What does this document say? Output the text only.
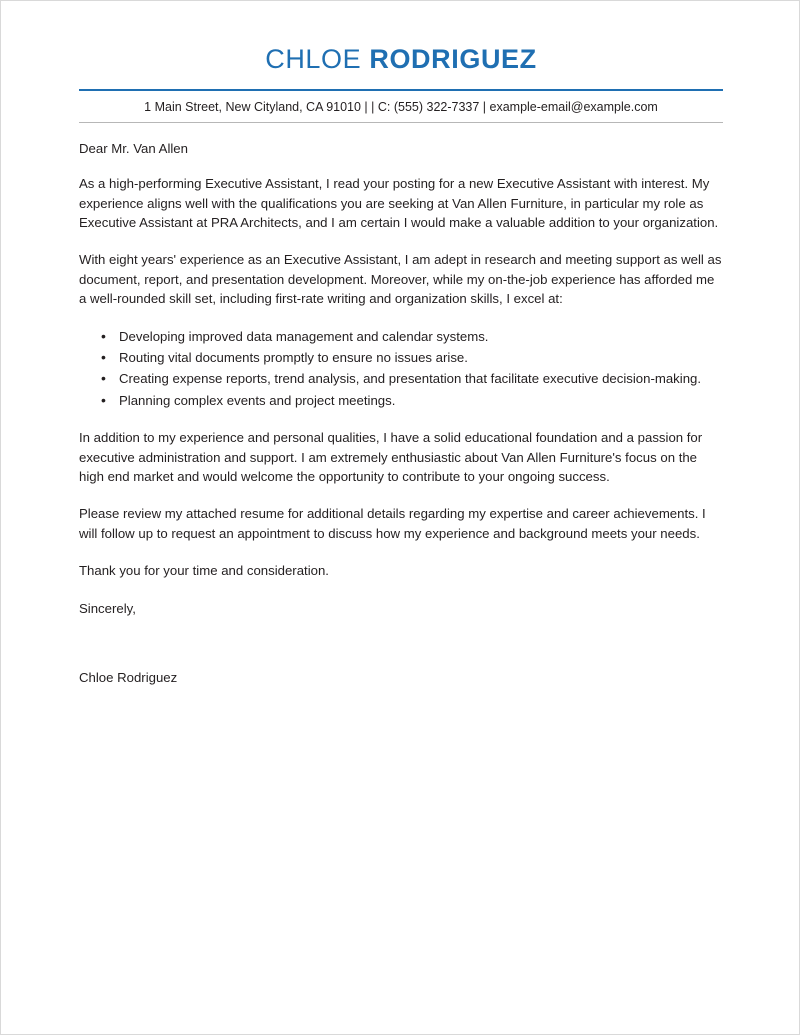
CHLOE RODRIGUEZ
1 Main Street, New Cityland, CA 91010 | | C: (555) 322-7337 | example-email@example.com

Dear Mr. Van Allen

As a high-performing Executive Assistant, I read your posting for a new Executive Assistant with interest. My experience aligns well with the qualifications you are seeking at Van Allen Furniture, in particular my role as Executive Assistant at PRA Architects, and I am certain I would make a valuable addition to your organization.

With eight years' experience as an Executive Assistant, I am adept in research and meeting support as well as document, report, and presentation development. Moreover, while my on-the-job experience has afforded me a well-rounded skill set, including first-rate writing and organization skills, I excel at:

• Developing improved data management and calendar systems.
• Routing vital documents promptly to ensure no issues arise.
• Creating expense reports, trend analysis, and presentation that facilitate executive decision-making.
• Planning complex events and project meetings.

In addition to my experience and personal qualities, I have a solid educational foundation and a passion for executive administration and support. I am extremely enthusiastic about Van Allen Furniture's focus on the high end market and would welcome the opportunity to contribute to your ongoing success.

Please review my attached resume for additional details regarding my expertise and career achievements. I will follow up to request an appointment to discuss how my experience and background meets your needs.

Thank you for your time and consideration.

Sincerely,

Chloe Rodriguez
